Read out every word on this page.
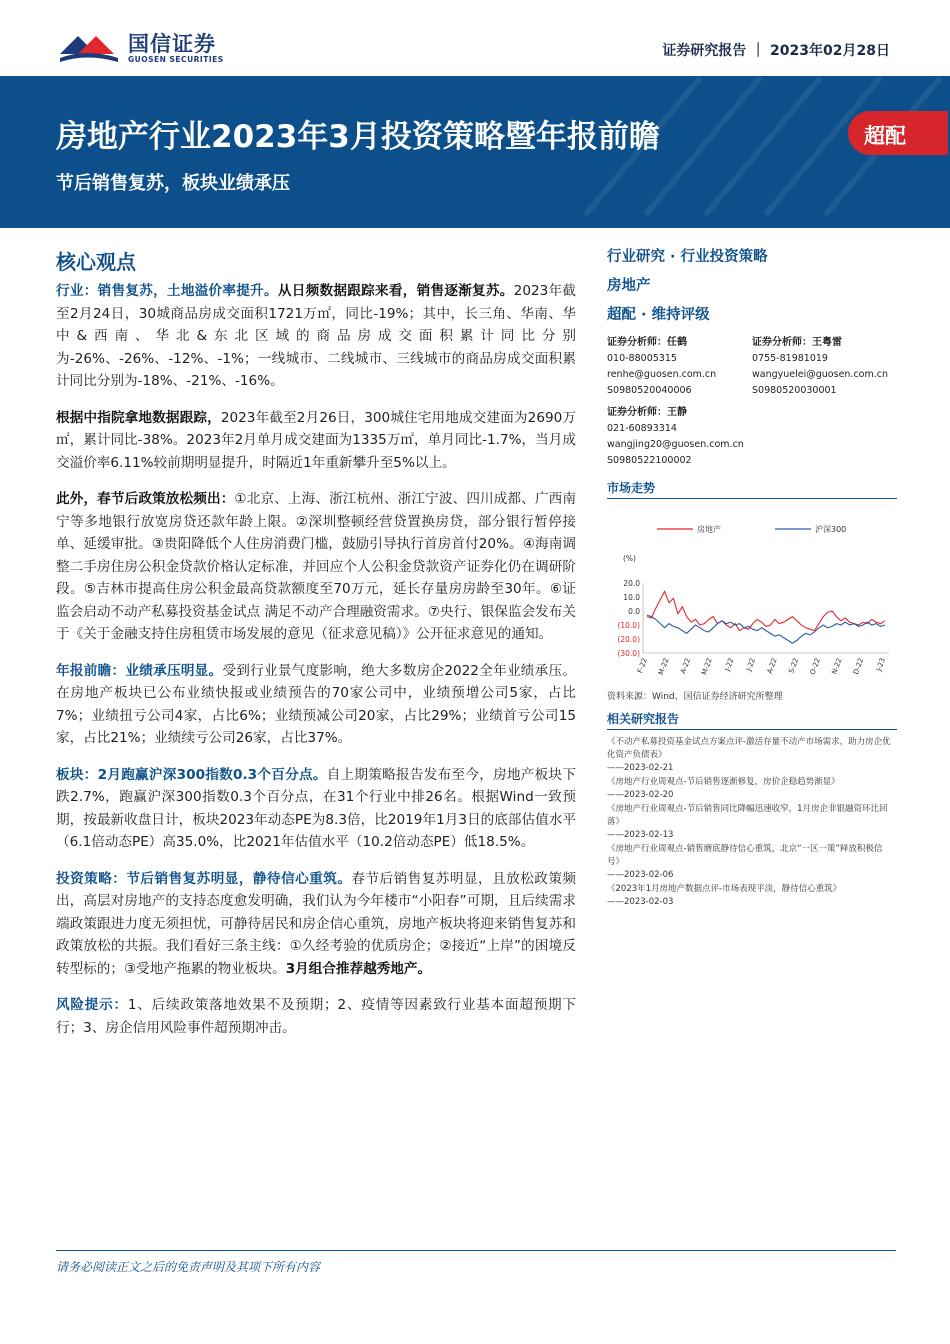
国信证券
GUOSEN SECURITIES
证券研究报告 ｜ 2023年02月28日
房地产行业2023年3月投资策略暨年报前瞻
节后销售复苏，板块业绩承压
超配
核心观点

行业：销售复苏，土地溢价率提升。从日频数据跟踪来看，销售逐渐复苏。2023年截至2月24日，30城商品房成交面积1721万㎡，同比-19%；其中，长三角、华南、华中&西南、华北&东北区域的商品房成交面积累计同比分别为-26%、-26%、-12%、-1%；一线城市、二线城市、三线城市的商品房成交面积累计同比分别为-18%、-21%、-16%。

根据中指院拿地数据跟踪，2023年截至2月26日，300城住宅用地成交建面为2690万㎡，累计同比-38%。2023年2月单月成交建面为1335万㎡，单月同比-1.7%，当月成交溢价率6.11%较前期明显提升，时隔近1年重新攀升至5%以上。

此外，春节后政策放松频出：①北京、上海、浙江杭州、浙江宁波、四川成都、广西南宁等多地银行放宽房贷还款年龄上限。②深圳整顿经营贷置换房贷，部分银行暂停接单、延缓审批。③贵阳降低个人住房消费门槛，鼓励引导执行首房首付20%。④海南调整二手房住房公积金贷款价格认定标准，并回应个人公积金贷款资产证券化仍在调研阶段。⑤吉林市提高住房公积金最高贷款额度至70万元，延长存量房房龄至30年。⑥证监会启动不动产私募投资基金试点 满足不动产合理融资需求。⑦央行、银保监会发布关于《关于金融支持住房租赁市场发展的意见（征求意见稿）》公开征求意见的通知。

年报前瞻：业绩承压明显。受到行业景气度影响，绝大多数房企2022全年业绩承压。在房地产板块已公布业绩快报或业绩预告的70家公司中，业绩预增公司5家，占比7%；业绩扭亏公司4家，占比6%；业绩预减公司20家，占比29%；业绩首亏公司15家，占比21%；业绩续亏公司26家，占比37%。

板块：2月跑赢沪深300指数0.3个百分点。自上期策略报告发布至今，房地产板块下跌2.7%，跑赢沪深300指数0.3个百分点，在31个行业中排26名。根据Wind一致预期，按最新收盘日计，板块2023年动态PE为8.3倍，比2019年1月3日的底部估值水平（6.1倍动态PE）高35.0%，比2021年估值水平（10.2倍动态PE）低18.5%。

投资策略：节后销售复苏明显，静待信心重筑。春节后销售复苏明显，且放松政策频出，高层对房地产的支持态度愈发明确，我们认为今年楼市“小阳春”可期，且后续需求端政策跟进力度无须担忧，可静待居民和房企信心重筑，房地产板块将迎来销售复苏和政策放松的共振。我们看好三条主线：①久经考验的优质房企；②接近“上岸”的困境反转型标的；③受地产拖累的物业板块。3月组合推荐越秀地产。

风险提示：1、后续政策落地效果不及预期；2、疫情等因素致行业基本面超预期下行；3、房企信用风险事件超预期冲击。

行业研究 · 行业投资策略
房地产
超配 · 维持评级
证券分析师：任鹤
010-88005315
renhe@guosen.com.cn
S0980520040006
证券分析师：王粤雷
0755-81981019
wangyuelei@guosen.com.cn
S0980520030001
证券分析师：王静
021-60893314
wangjing20@guosen.com.cn
S0980522100002
市场走势
房地产	沪深300
(%)
20.0
10.0
0.0
(10.0)
(20.0)
(30.0)
F-22 M-22 A-22 M-22 J-22 J-22 A-22 S-22 O-22 N-22 D-22 J-23
资料来源：Wind、国信证券经济研究所整理
相关研究报告
《不动产私募投资基金试点方案点评-激活存量不动产市场需求，助力房企优化资产负债表》
——2023-02-21
《房地产行业周观点-节后销售逐渐修复，房价企稳趋势渐显》
——2023-02-20
《房地产行业周观点-节后销售同比降幅迅速收窄，1月房企非银融资环比回落》
——2023-02-13
《房地产行业周观点-销售磨底静待信心重筑，北京“一区一策”释放积极信号》
——2023-02-06
《2023年1月房地产数据点评-市场表现平淡，静待信心重筑》
——2023-02-03
请务必阅读正文之后的免责声明及其项下所有内容
